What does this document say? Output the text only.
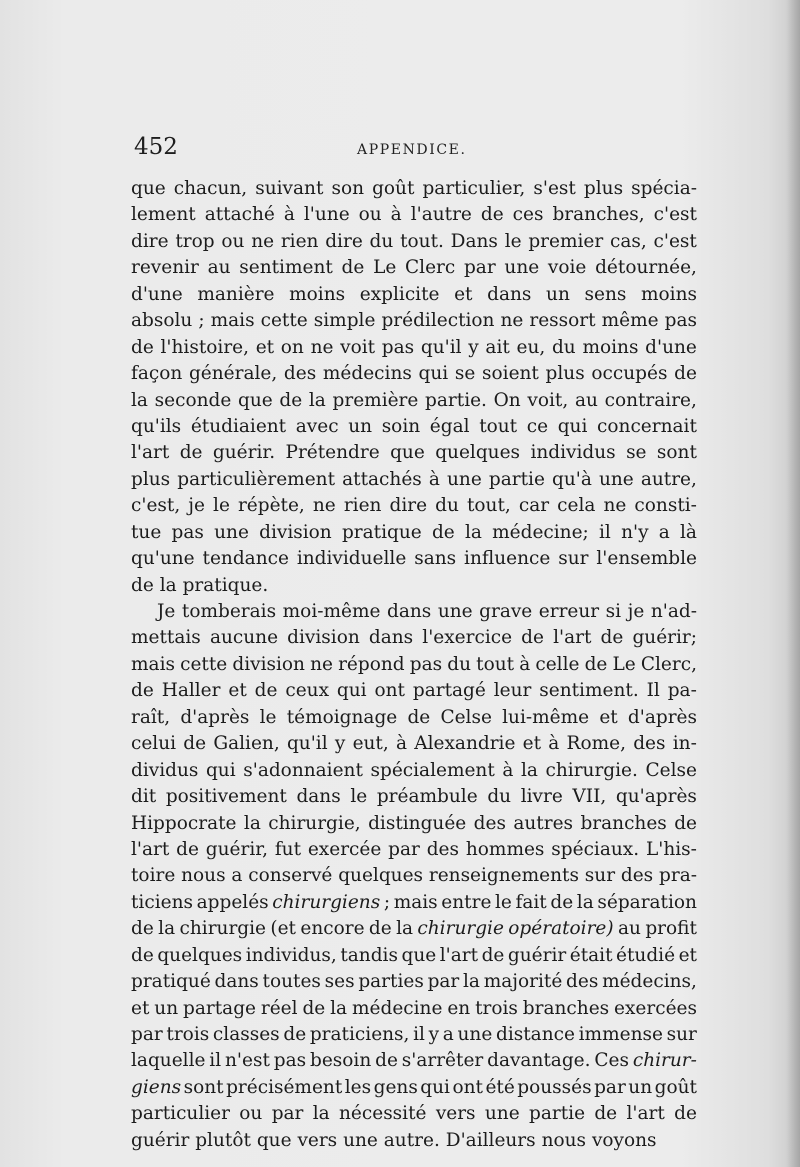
452	APPENDICE.
que chacun, suivant son goût particulier, s'est plus spécia-
lement attaché à l'une ou à l'autre de ces branches, c'est
dire trop ou ne rien dire du tout. Dans le premier cas, c'est
revenir au sentiment de Le Clerc par une voie détournée,
d'une manière moins explicite et dans un sens moins
absolu ; mais cette simple prédilection ne ressort même pas
de l'histoire, et on ne voit pas qu'il y ait eu, du moins d'une
façon générale, des médecins qui se soient plus occupés de
la seconde que de la première partie. On voit, au contraire,
qu'ils étudiaient avec un soin égal tout ce qui concernait
l'art de guérir. Prétendre que quelques individus se sont
plus particulièrement attachés à une partie qu'à une autre,
c'est, je le répète, ne rien dire du tout, car cela ne consti-
tue pas une division pratique de la médecine; il n'y a là
qu'une tendance individuelle sans influence sur l'ensemble
de la pratique.
Je tomberais moi-même dans une grave erreur si je n'ad-
mettais aucune division dans l'exercice de l'art de guérir;
mais cette division ne répond pas du tout à celle de Le Clerc,
de Haller et de ceux qui ont partagé leur sentiment. Il pa-
raît, d'après le témoignage de Celse lui-même et d'après
celui de Galien, qu'il y eut, à Alexandrie et à Rome, des in-
dividus qui s'adonnaient spécialement à la chirurgie. Celse
dit positivement dans le préambule du livre VII, qu'après
Hippocrate la chirurgie, distinguée des autres branches de
l'art de guérir, fut exercée par des hommes spéciaux. L'his-
toire nous a conservé quelques renseignements sur des pra-
ticiens appelés chirurgiens ; mais entre le fait de la séparation
de la chirurgie (et encore de la chirurgie opératoire) au profit
de quelques individus, tandis que l'art de guérir était étudié et
pratiqué dans toutes ses parties par la majorité des médecins,
et un partage réel de la médecine en trois branches exercées
par trois classes de praticiens, il y a une distance immense sur
laquelle il n'est pas besoin de s'arrêter davantage. Ces chirur-
giens sont précisément les gens qui ont été poussés par un goût
particulier ou par la nécessité vers une partie de l'art de
guérir plutôt que vers une autre. D'ailleurs nous voyons
